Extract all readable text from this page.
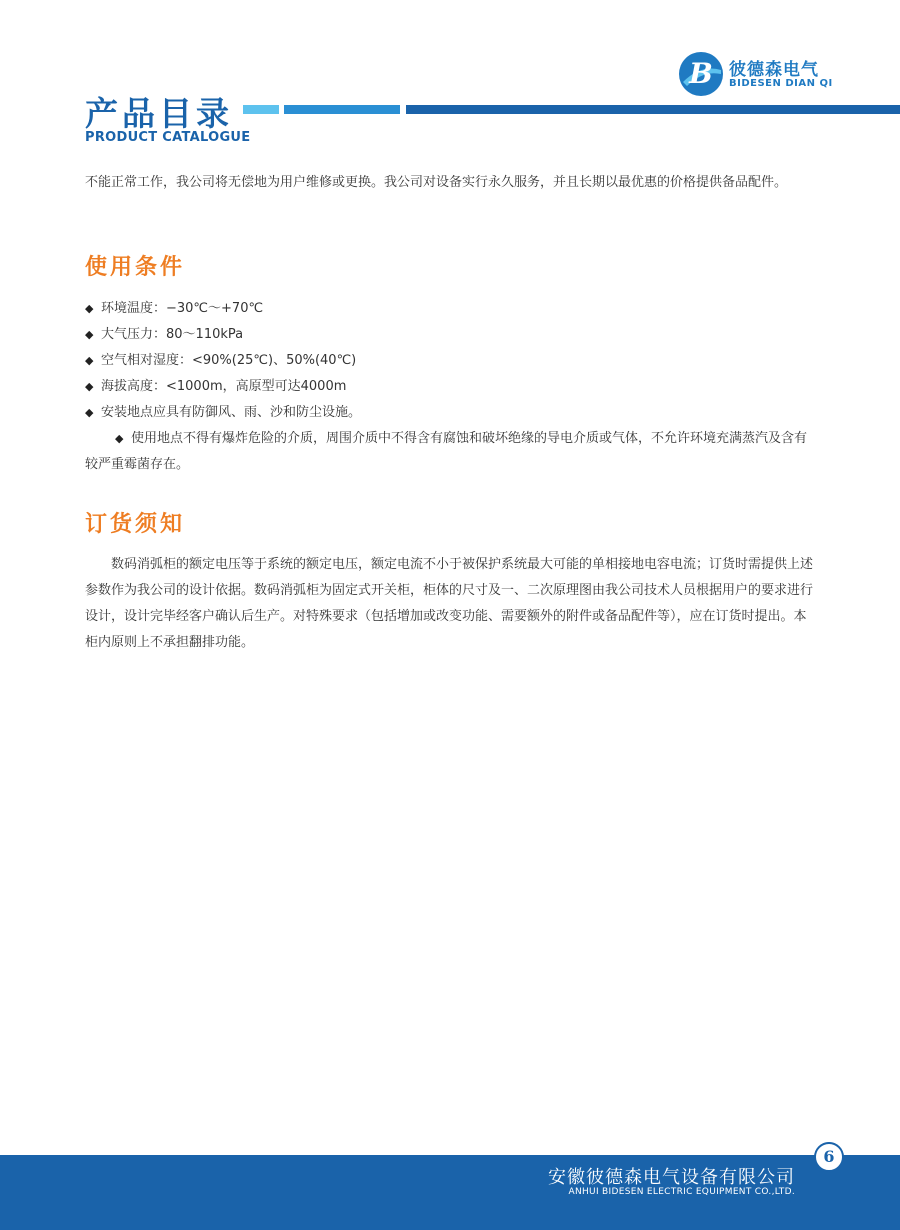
B 彼德森电气
BIDESEN DIAN QI
产品目录
PRODUCT CATALOGUE

不能正常工作，我公司将无偿地为用户维修或更换。我公司对设备实行永久服务，并且长期以最优惠的价格提供备品配件。

使用条件
◆ 环境温度：−30℃～+70℃
◆ 大气压力：80～110kPa
◆ 空气相对湿度：<90%(25℃)、50%(40℃)
◆ 海拔高度：<1000m，高原型可达4000m
◆ 安装地点应具有防御风、雨、沙和防尘设施。
◆ 使用地点不得有爆炸危险的介质，周围介质中不得含有腐蚀和破坏绝缘的导电介质或气体，不允许环境充满蒸汽及含有较严重霉菌存在。
订货须知

数码消弧柜的额定电压等于系统的额定电压，额定电流不小于被保护系统最大可能的单相接地电容电流；订货时需提供上述参数作为我公司的设计依据。数码消弧柜为固定式开关柜，柜体的尺寸及一、二次原理图由我公司技术人员根据用户的要求进行设计，设计完毕经客户确认后生产。对特殊要求（包括增加或改变功能、需要额外的附件或备品配件等），应在订货时提出。本柜内原则上不承担翻排功能。

安徽彼德森电气设备有限公司
ANHUI BIDESEN ELECTRIC EQUIPMENT CO.,LTD.
6
